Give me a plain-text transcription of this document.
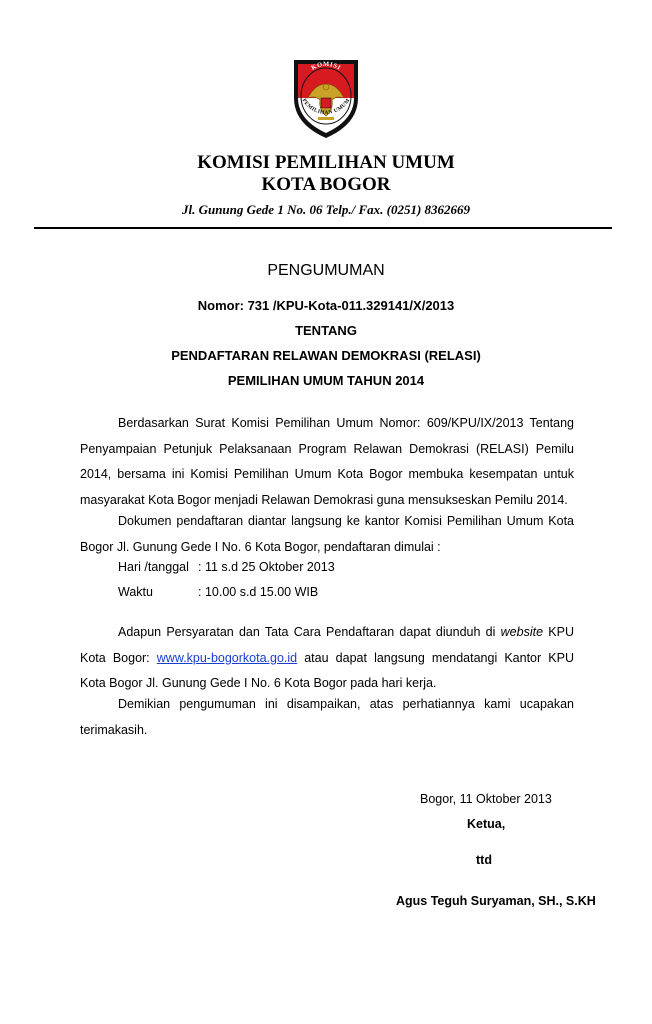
KOMISI
PEMILIHAN UMUM
KOMISI PEMILIHAN UMUM
KOTA BOGOR
Jl. Gunung Gede 1 No. 06 Telp./ Fax. (0251) 8362669
PENGUMUMAN
Nomor: 731 /KPU-Kota-011.329141/X/2013
TENTANG
PENDAFTARAN RELAWAN DEMOKRASI (RELASI)
PEMILIHAN UMUM TAHUN 2014
Berdasarkan Surat Komisi Pemilihan Umum Nomor: 609/KPU/IX/2013 Tentang Penyampaian Petunjuk Pelaksanaan Program Relawan Demokrasi (RELASI) Pemilu 2014, bersama ini Komisi Pemilihan Umum Kota Bogor membuka kesempatan untuk masyarakat Kota Bogor menjadi Relawan Demokrasi guna mensukseskan Pemilu 2014.
Dokumen pendaftaran diantar langsung ke kantor Komisi Pemilihan Umum Kota Bogor Jl. Gunung Gede I No. 6 Kota Bogor, pendaftaran dimulai :
Hari /tanggal : 11 s.d 25 Oktober 2013
Waktu	: 10.00 s.d 15.00 WIB
Adapun Persyaratan dan Tata Cara Pendaftaran dapat diunduh di website KPU Kota Bogor: www.kpu-bogorkota.go.id atau dapat langsung mendatangi Kantor KPU Kota Bogor Jl. Gunung Gede I No. 6 Kota Bogor pada hari kerja.
Demikian pengumuman ini disampaikan, atas perhatiannya kami ucapakan terimakasih.
Bogor, 11 Oktober 2013
Ketua,
ttd
Agus Teguh Suryaman, SH., S.KH
